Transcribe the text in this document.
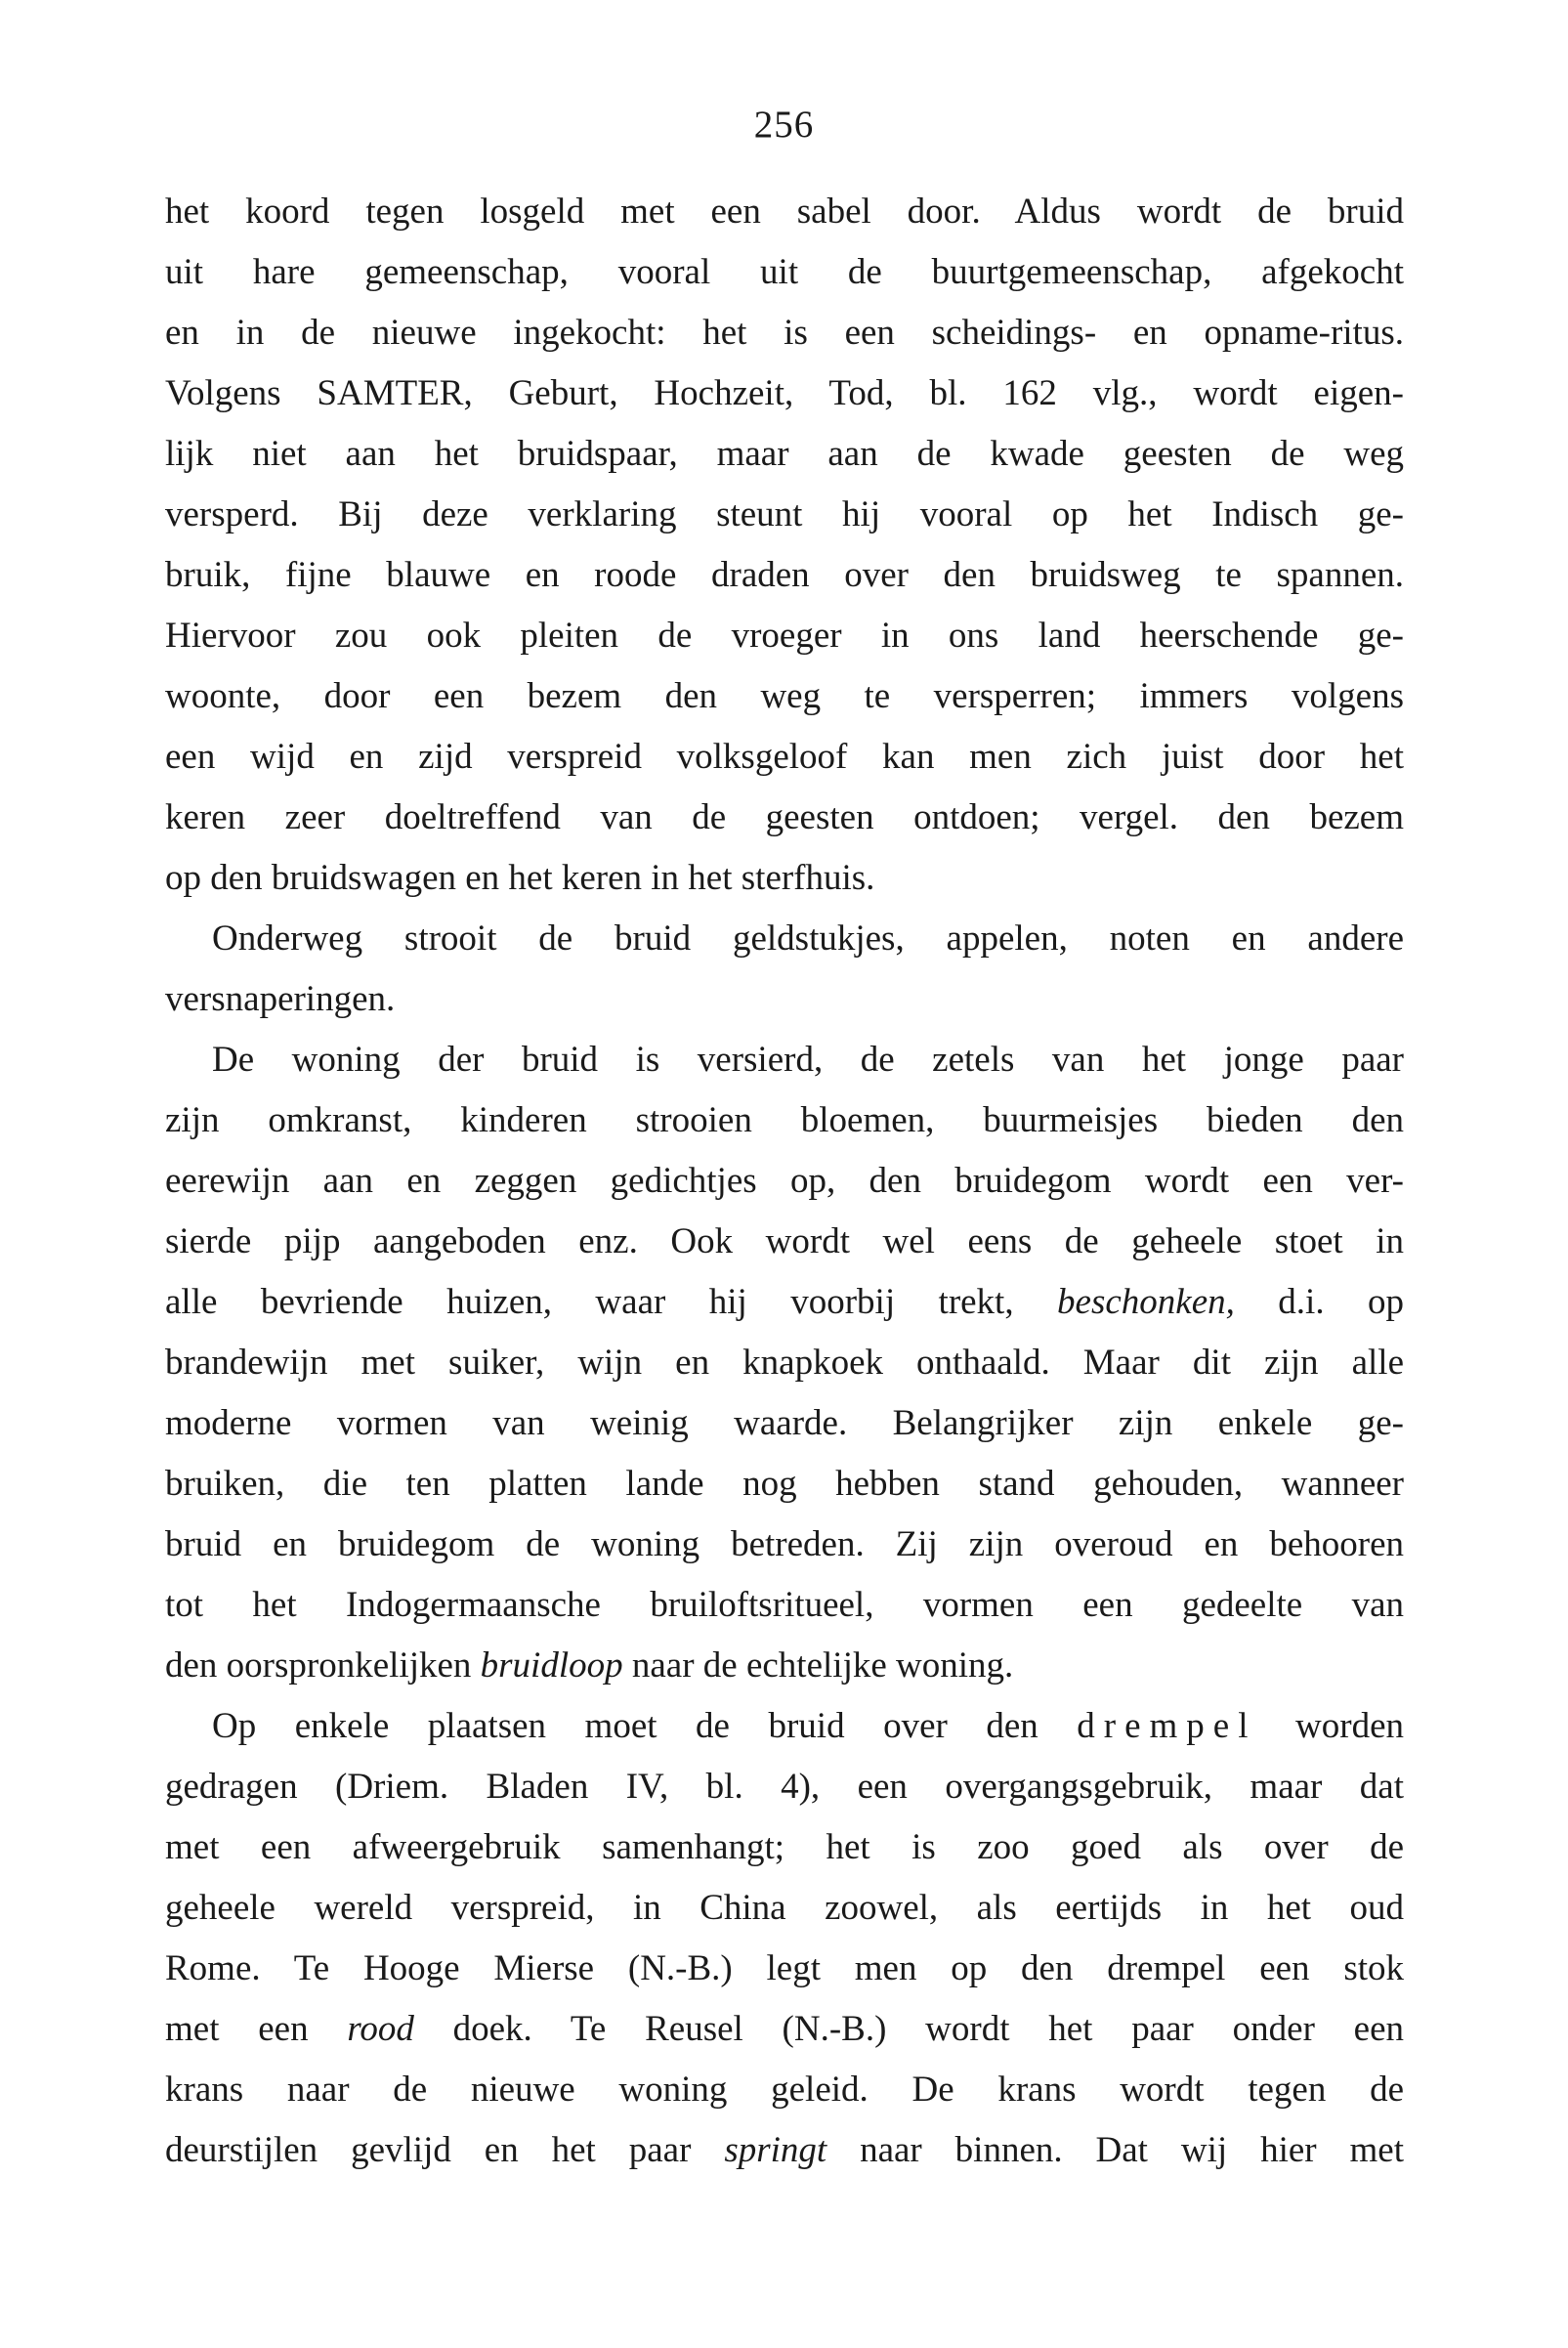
256
het koord tegen losgeld met een sabel door. Aldus wordt de bruid
uit hare gemeenschap, vooral uit de buurtgemeenschap, afgekocht
en in de nieuwe ingekocht: het is een scheidings- en opname-ritus.
Volgens SAMTER, Geburt, Hochzeit, Tod, bl. 162 vlg., wordt eigen-
lijk niet aan het bruidspaar, maar aan de kwade geesten de weg
versperd. Bij deze verklaring steunt hij vooral op het Indisch ge-
bruik, fijne blauwe en roode draden over den bruidsweg te spannen.
Hiervoor zou ook pleiten de vroeger in ons land heerschende ge-
woonte, door een bezem den weg te versperren; immers volgens
een wijd en zijd verspreid volksgeloof kan men zich juist door het
keren zeer doeltreffend van de geesten ontdoen; vergel. den bezem
op den bruidswagen en het keren in het sterfhuis.
Onderweg strooit de bruid geldstukjes, appelen, noten en andere
versnaperingen.
De woning der bruid is versierd, de zetels van het jonge paar
zijn omkranst, kinderen strooien bloemen, buurmeisjes bieden den
eerewijn aan en zeggen gedichtjes op, den bruidegom wordt een ver-
sierde pijp aangeboden enz. Ook wordt wel eens de geheele stoet in
alle bevriende huizen, waar hij voorbij trekt, beschonken, d.i. op
brandewijn met suiker, wijn en knapkoek onthaald. Maar dit zijn alle
moderne vormen van weinig waarde. Belangrijker zijn enkele ge-
bruiken, die ten platten lande nog hebben stand gehouden, wanneer
bruid en bruidegom de woning betreden. Zij zijn overoud en behooren
tot het Indogermaansche bruiloftsritueel, vormen een gedeelte van
den oorspronkelijken bruidloop naar de echtelijke woning.
Op enkele plaatsen moet de bruid over den drempel worden
gedragen (Driem. Bladen IV, bl. 4), een overgangsgebruik, maar dat
met een afweergebruik samenhangt; het is zoo goed als over de
geheele wereld verspreid, in China zoowel, als eertijds in het oud
Rome. Te Hooge Mierse (N.-B.) legt men op den drempel een stok
met een rood doek. Te Reusel (N.-B.) wordt het paar onder een
krans naar de nieuwe woning geleid. De krans wordt tegen de
deurstijlen gevlijd en het paar springt naar binnen. Dat wij hier met
